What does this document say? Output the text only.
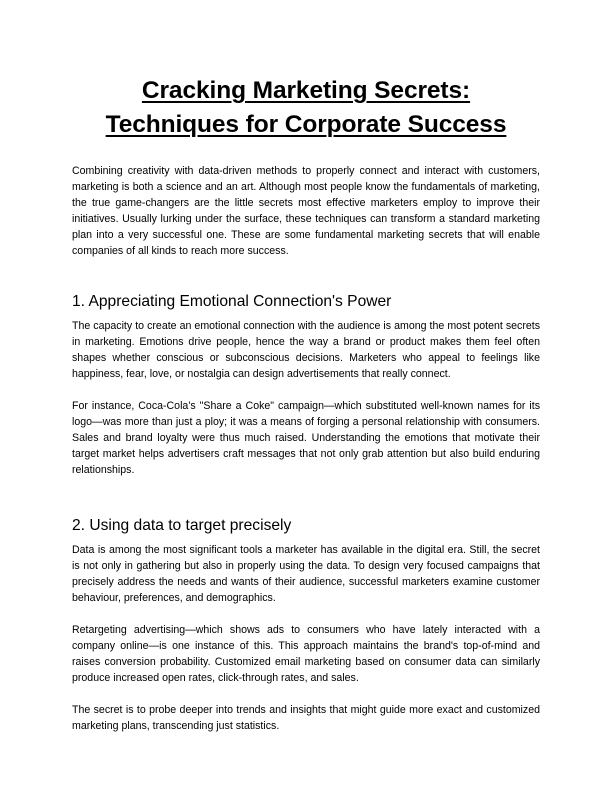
Cracking Marketing Secrets:
Techniques for Corporate Success

Combining creativity with data-driven methods to properly connect and interact with customers, marketing is both a science and an art. Although most people know the fundamentals of marketing, the true game-changers are the little secrets most effective marketers employ to improve their initiatives. Usually lurking under the surface, these techniques can transform a standard marketing plan into a very successful one. These are some fundamental marketing secrets that will enable companies of all kinds to reach more success.

1. Appreciating Emotional Connection's Power

The capacity to create an emotional connection with the audience is among the most potent secrets in marketing. Emotions drive people, hence the way a brand or product makes them feel often shapes whether conscious or subconscious decisions. Marketers who appeal to feelings like happiness, fear, love, or nostalgia can design advertisements that really connect.

For instance, Coca-Cola's "Share a Coke" campaign—which substituted well-known names for its logo—was more than just a ploy; it was a means of forging a personal relationship with consumers. Sales and brand loyalty were thus much raised. Understanding the emotions that motivate their target market helps advertisers craft messages that not only grab attention but also build enduring relationships.

2. Using data to target precisely

Data is among the most significant tools a marketer has available in the digital era. Still, the secret is not only in gathering but also in properly using the data. To design very focused campaigns that precisely address the needs and wants of their audience, successful marketers examine customer behaviour, preferences, and demographics.

Retargeting advertising—which shows ads to consumers who have lately interacted with a company online—is one instance of this. This approach maintains the brand's top-of-mind and raises conversion probability. Customized email marketing based on consumer data can similarly produce increased open rates, click-through rates, and sales.

The secret is to probe deeper into trends and insights that might guide more exact and customized marketing plans, transcending just statistics.
